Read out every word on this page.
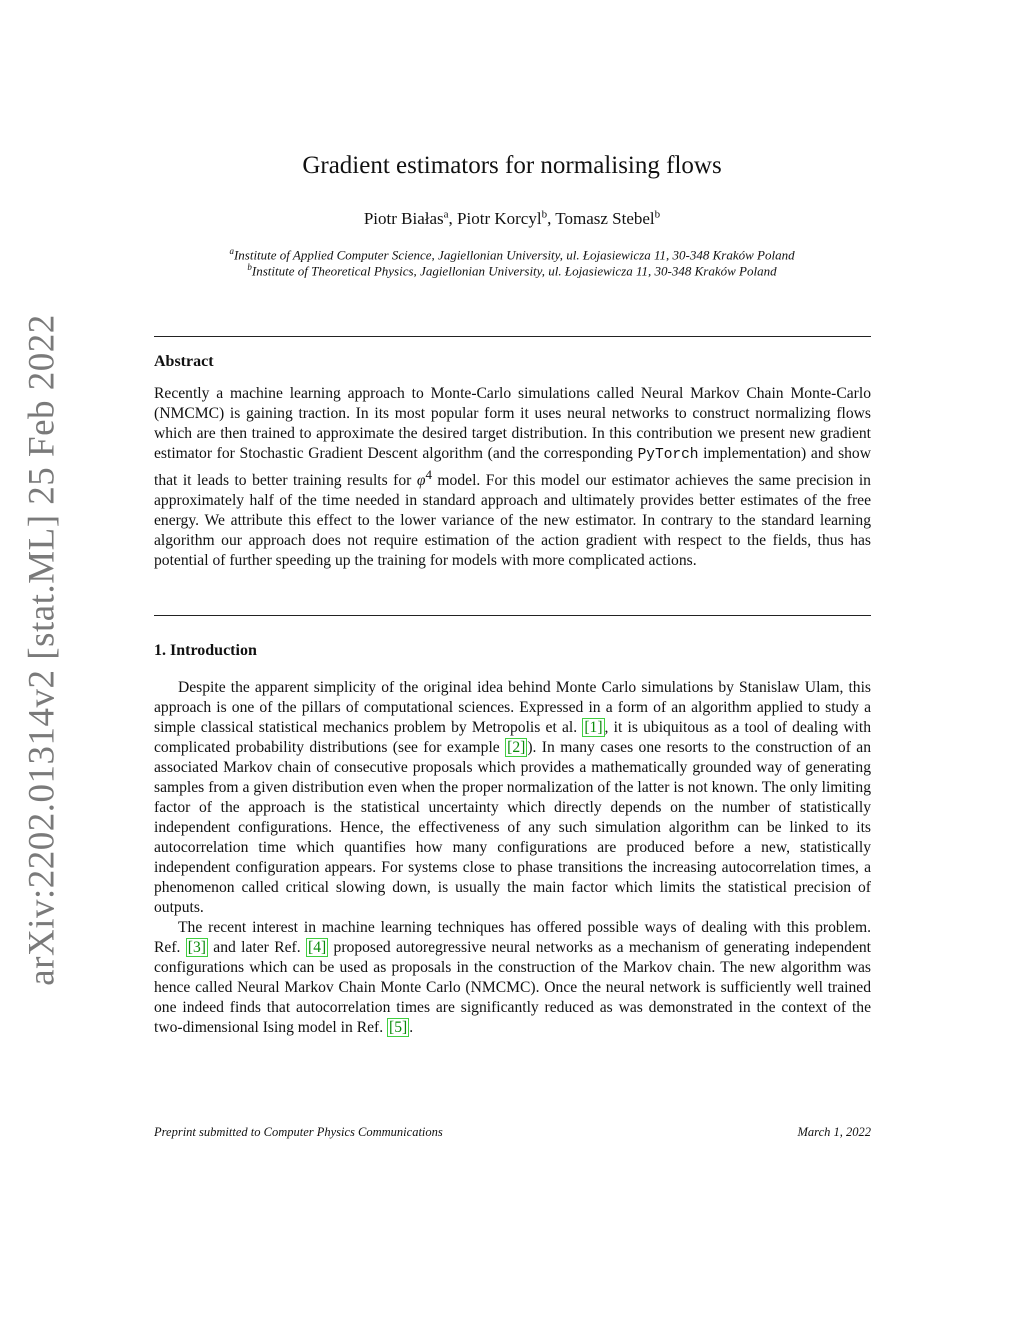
arXiv:2202.01314v2 [stat.ML] 25 Feb 2022
Gradient estimators for normalising flows
Piotr Białas$^a$, Piotr Korcyl$^b$, Tomasz Stebel$^b$
$^a$Institute of Applied Computer Science, Jagiellonian University, ul. Łojasiewicza 11, 30-348 Kraków Poland
$^b$Institute of Theoretical Physics, Jagiellonian University, ul. Łojasiewicza 11, 30-348 Kraków Poland
Abstract
Recently a machine learning approach to Monte-Carlo simulations called Neural Markov Chain Monte-Carlo (NMCMC) is gaining traction. In its most popular form it uses neural networks to construct normalizing flows which are then trained to approximate the desired target distribution. In this contribution we present new gradient estimator for Stochastic Gradient Descent algorithm (and the corresponding PyTorch implementation) and show that it leads to better training results for $\varphi^4$ model. For this model our estimator achieves the same precision in approximately half of the time needed in standard approach and ultimately provides better estimates of the free energy. We attribute this effect to the lower variance of the new estimator. In contrary to the standard learning algorithm our approach does not require estimation of the action gradient with respect to the fields, thus has potential of further speeding up the training for models with more complicated actions.
1. Introduction

Despite the apparent simplicity of the original idea behind Monte Carlo simulations by Stanislaw Ulam, this approach is one of the pillars of computational sciences. Expressed in a form of an algorithm applied to study a simple classical statistical mechanics problem by Metropolis et al. [1] , it is ubiquitous as a tool of dealing with complicated probability distributions (see for example [2] ). In many cases one resorts to the construction of an associated Markov chain of consecutive proposals which provides a mathematically grounded way of generating samples from a given distribution even when the proper normalization of the latter is not known. The only limiting factor of the approach is the statistical uncertainty which directly depends on the number of statistically independent configurations. Hence, the effectiveness of any such simulation algorithm can be linked to its autocorrelation time which quantifies how many configurations are produced before a new, statistically independent configuration appears. For systems close to phase transitions the increasing autocorrelation times, a phenomenon called critical slowing down, is usually the main factor which limits the statistical precision of outputs.

The recent interest in machine learning techniques has offered possible ways of dealing with this problem. Ref. [3] and later Ref. [4] proposed autoregressive neural networks as a mechanism of generating independent configurations which can be used as proposals in the construction of the Markov chain. The new algorithm was hence called Neural Markov Chain Monte Carlo (NMCMC). Once the neural network is sufficiently well trained one indeed finds that autocorrelation times are significantly reduced as was demonstrated in the context of the two-dimensional Ising model in Ref. [5] .

Preprint submitted to Computer Physics Communications	March 1, 2022
